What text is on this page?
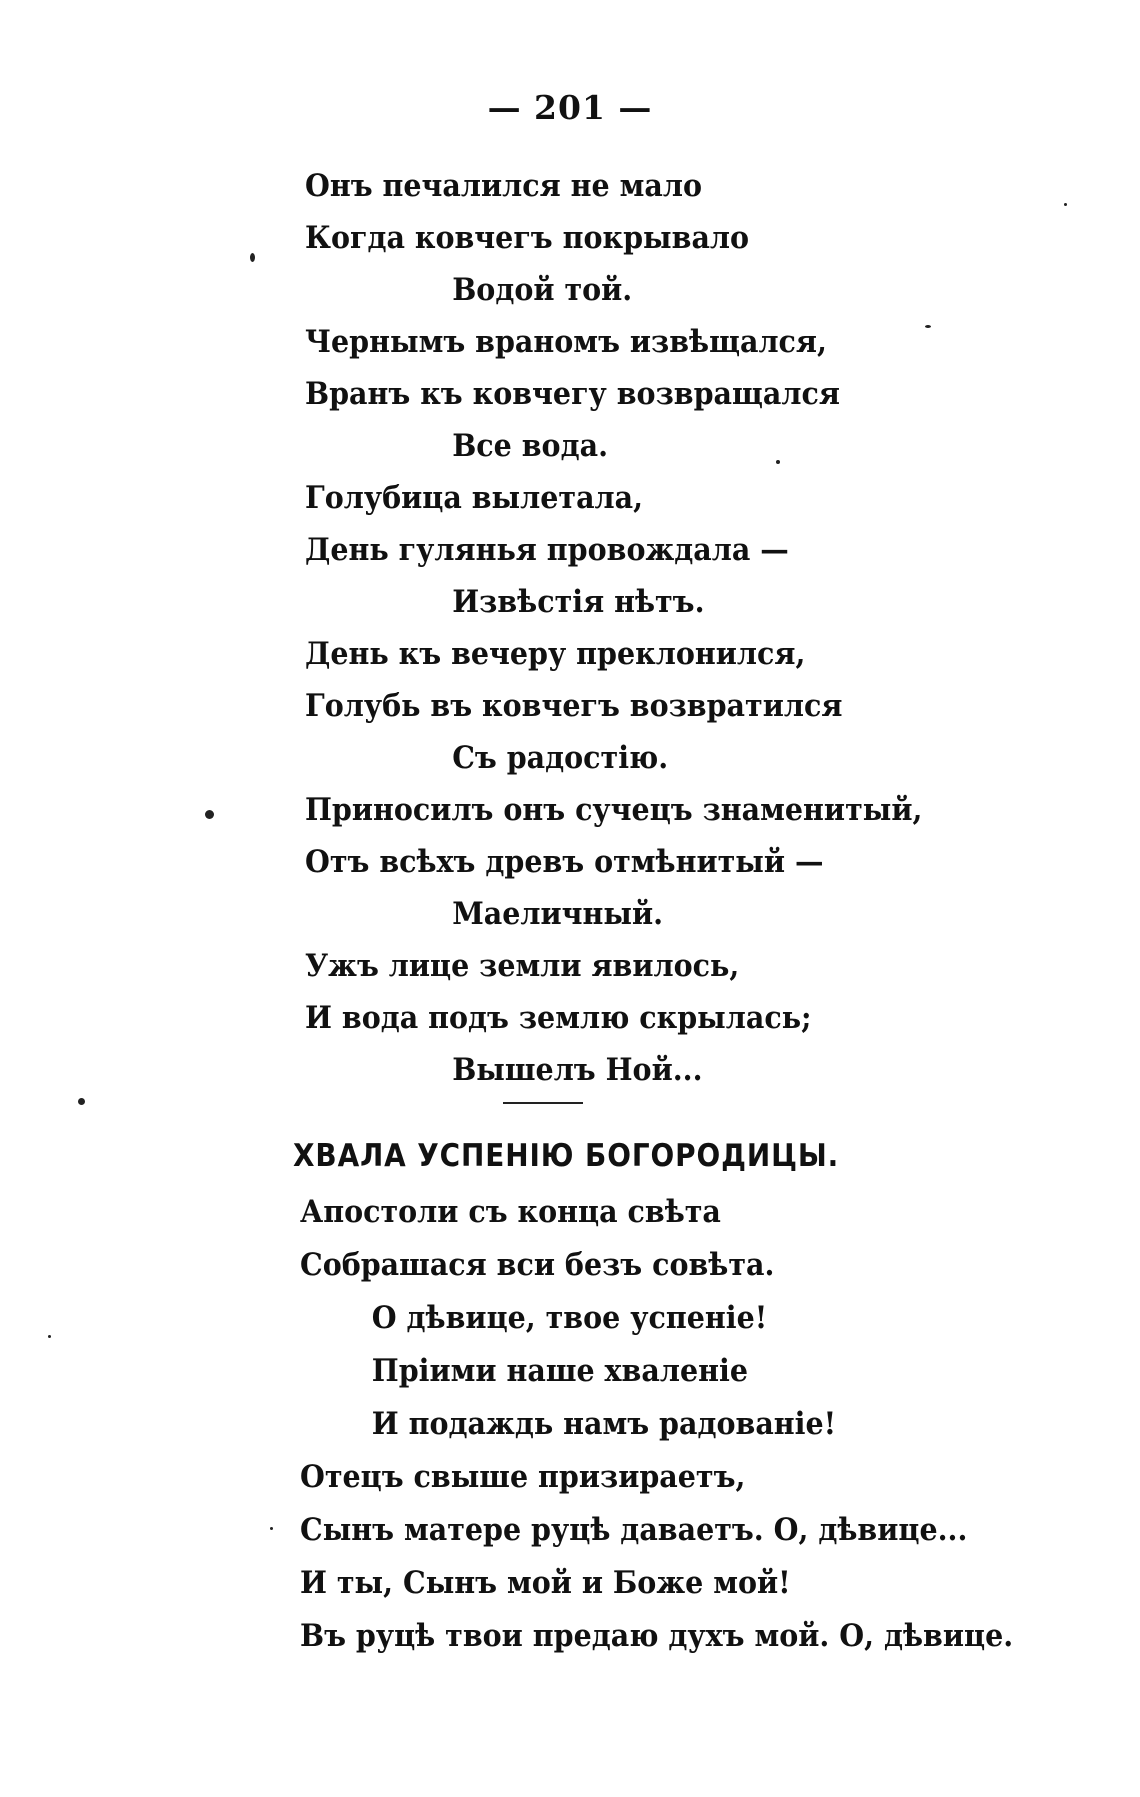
— 201 —
Онъ печалился не мало
Когда ковчегъ покрывало
Водой той.
Чернымъ враномъ извѣщался,
Вранъ къ ковчегу возвращался
Все вода.
Голубица вылетала,
День гулянья провождала —
Извѣстія нѣтъ.
День къ вечеру преклонился,
Голубь въ ковчегъ возвратился
Съ радостію.
Приносилъ онъ сучецъ знаменитый,
Отъ всѣхъ древъ отмѣнитый —
Маеличный.
Ужъ лице земли явилось,
И вода подъ землю скрылась;
Вышелъ Ной...
ХВАЛА УСПЕНІЮ БОГОРОДИЦЫ.
Апостоли съ конца свѣта
Собрашася вси безъ совѣта.
О дѣвице, твое успеніе!
Пріими наше хваленіе
И подаждь намъ радованіе!
Отецъ свыше призираетъ,
Сынъ матере руцѣ даваетъ. О, дѣвице...
И ты, Сынъ мой и Боже мой!
Въ руцѣ твои предаю духъ мой. О, дѣвице.
